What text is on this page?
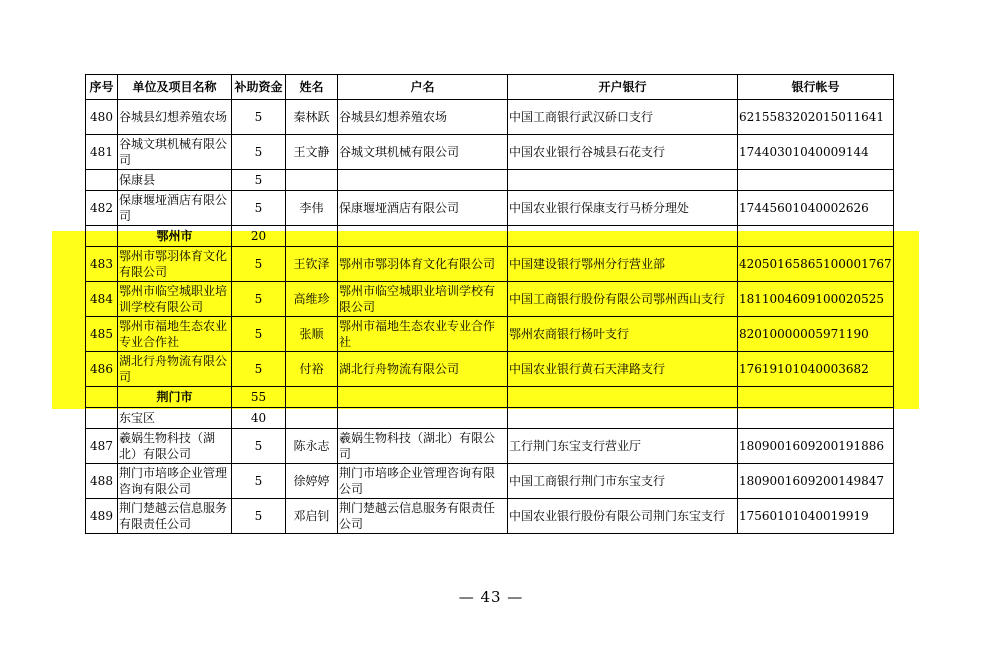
序号	单位及项目名称	补助资金	姓名	户名	开户银行	银行帐号
480	谷城县幻想养殖农场	5	秦林跃	谷城县幻想养殖农场	中国工商银行武汉硚口支行	6215583202015011641
481	谷城文琪机械有限公司	5	王文静	谷城文琪机械有限公司	中国农业银行谷城县石花支行	17440301040009144
	保康县	5				
482	保康堰垭酒店有限公司	5	李伟	保康堰垭酒店有限公司	中国农业银行保康支行马桥分理处	17445601040002626
	鄂州市	20				
483	鄂州市鄂羽体育文化有限公司	5	王钦泽	鄂州市鄂羽体育文化有限公司	中国建设银行鄂州分行营业部	42050165865100001767
484	鄂州市临空城职业培训学校有限公司	5	高维珍	鄂州市临空城职业培训学校有限公司	中国工商银行股份有限公司鄂州西山支行	1811004609100020525
485	鄂州市福地生态农业专业合作社	5	张顺	鄂州市福地生态农业专业合作社	鄂州农商银行杨叶支行	82010000005971190
486	湖北行舟物流有限公司	5	付裕	湖北行舟物流有限公司	中国农业银行黄石天津路支行	17619101040003682
	荆门市	55				
	东宝区	40				
487	羲娲生物科技（湖北）有限公司	5	陈永志	羲娲生物科技（湖北）有限公司	工行荆门东宝支行营业厅	1809001609200191886
488	荆门市培哆企业管理咨询有限公司	5	徐婷婷	荆门市培哆企业管理咨询有限公司	中国工商银行荆门市东宝支行	1809001609200149847
489	荆门楚越云信息服务有限责任公司	5	邓启钊	荆门楚越云信息服务有限责任公司	中国农业银行股份有限公司荆门东宝支行	17560101040019919
— 43 —
